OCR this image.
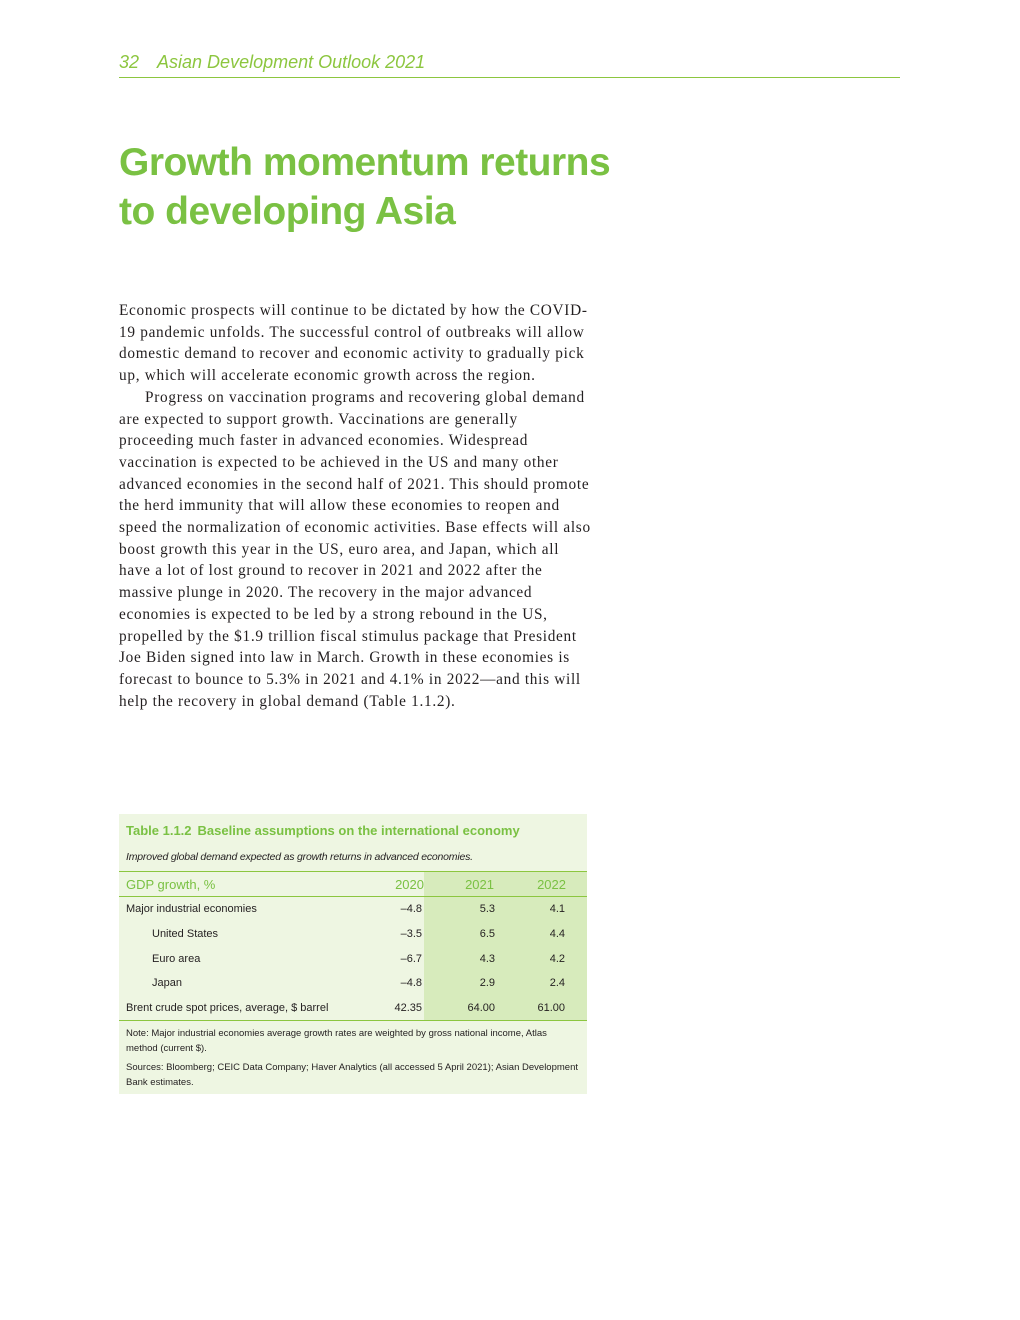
32 Asian Development Outlook 2021
Growth momentum returns
to developing Asia

Economic prospects will continue to be dictated by how the COVID-19 pandemic unfolds. The successful control of outbreaks will allow domestic demand to recover and economic activity to gradually pick up, which will accelerate economic growth across the region.

Progress on vaccination programs and recovering global demand are expected to support growth. Vaccinations are generally proceeding much faster in advanced economies. Widespread vaccination is expected to be achieved in the US and many other advanced economies in the second half of 2021. This should promote the herd immunity that will allow these economies to reopen and speed the normalization of economic activities. Base effects will also boost growth this year in the US, euro area, and Japan, which all have a lot of lost ground to recover in 2021 and 2022 after the massive plunge in 2020. The recovery in the major advanced economies is expected to be led by a strong rebound in the US, propelled by the $1.9 trillion fiscal stimulus package that President Joe Biden signed into law in March. Growth in these economies is forecast to bounce to 5.3% in 2021 and 4.1% in 2022—and this will help the recovery in global demand (Table 1.1.2).

Table 1.1.2 Baseline assumptions on the international economy
Improved global demand expected as growth returns in advanced economies.
GDP growth, %	2020	2021	2022
Major industrial economies	–4.8	5.3	4.1
United States	–3.5	6.5	4.4
Euro area	–6.7	4.3	4.2
Japan	–4.8	2.9	2.4
Brent crude spot prices, average, $ barrel	42.35	64.00	61.00
Note: Major industrial economies average growth rates are weighted by gross national income, Atlas method (current $).
Sources: Bloomberg; CEIC Data Company; Haver Analytics (all accessed 5 April 2021); Asian Development Bank estimates.
